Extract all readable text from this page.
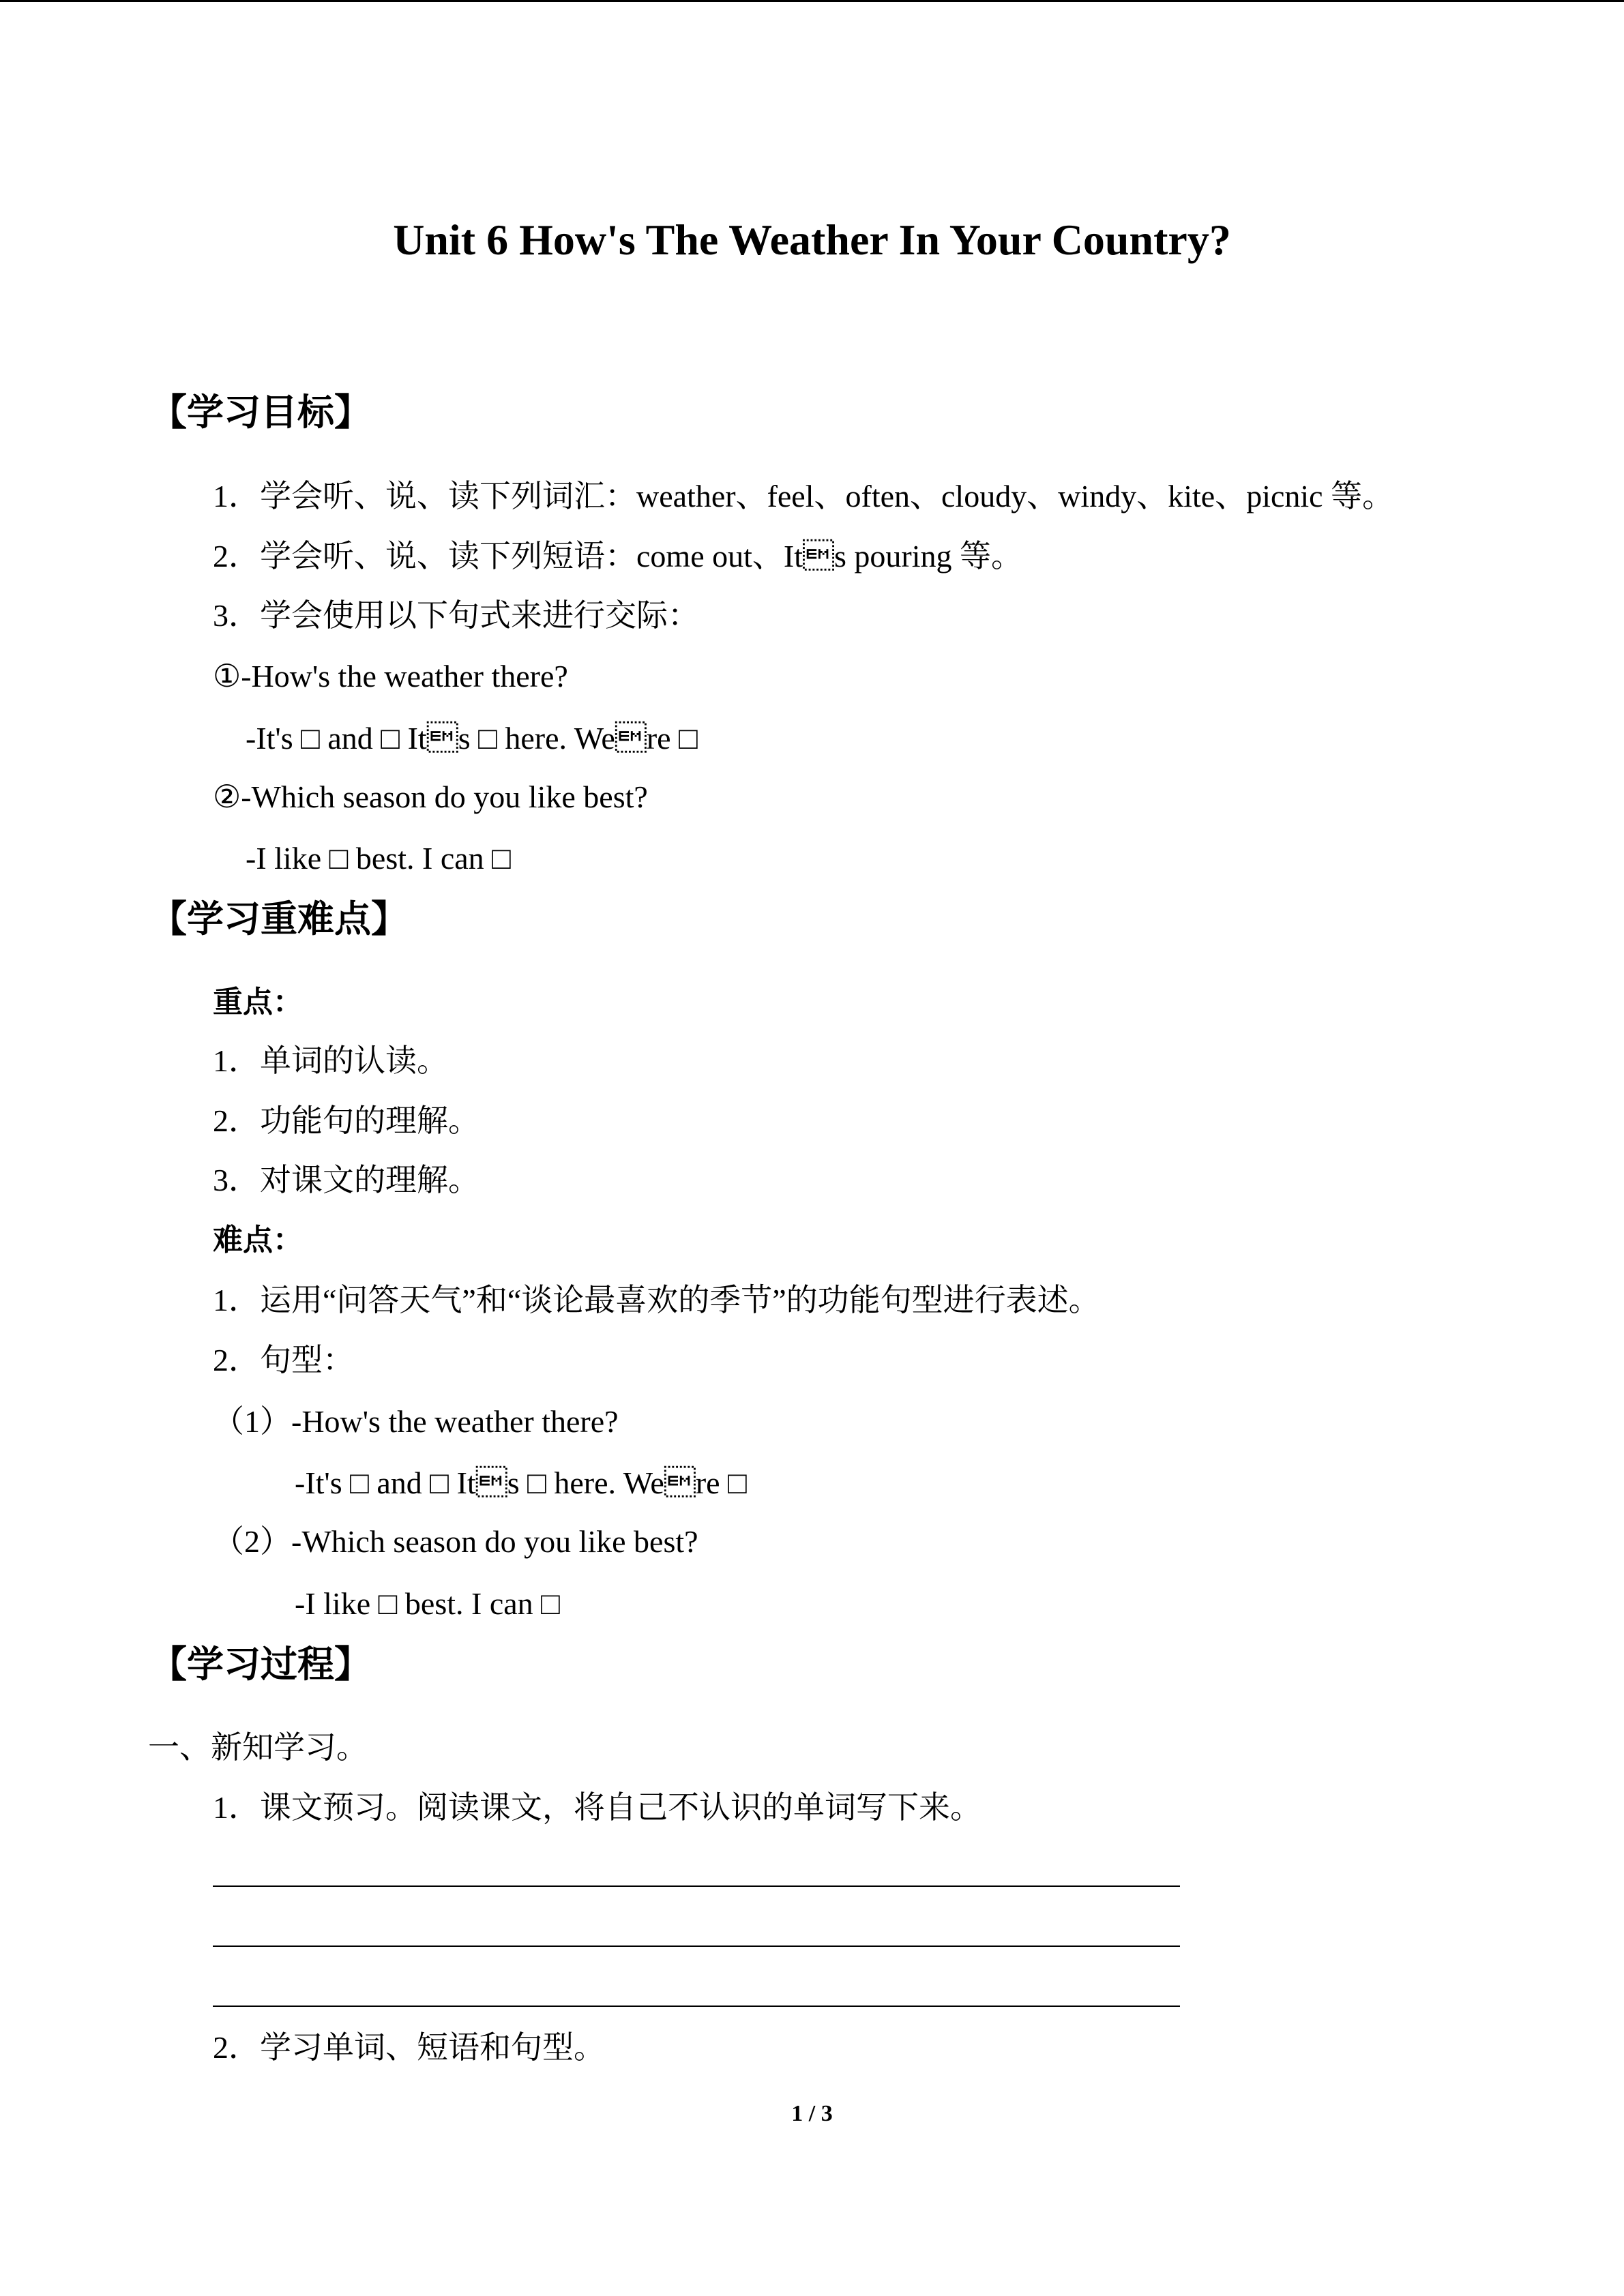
Unit 6 How's The Weather In Your Country?
【学习目标】
1．学会听、说、读下列词汇：weather、feel、often、cloudy、windy、kite、picnic 等。
2．学会听、说、读下列短语：come out、Its pouring 等。
3．学会使用以下句式来进行交际：
①-How's the weather there?
-It's □ and □ Its □ here. Were □
②-Which season do you like best?
-I like □ best. I can □
【学习重难点】
重点：
1．单词的认读。
2．功能句的理解。
3．对课文的理解。
难点：
1．运用“问答天气”和“谈论最喜欢的季节”的功能句型进行表述。
2．句型：
（1）-How's the weather there?
-It's □ and □ Its □ here. Were □
（2）-Which season do you like best?
-I like □ best. I can □
【学习过程】
一、新知学习。
1．课文预习。阅读课文，将自己不认识的单词写下来。
2．学习单词、短语和句型。
1 / 3
